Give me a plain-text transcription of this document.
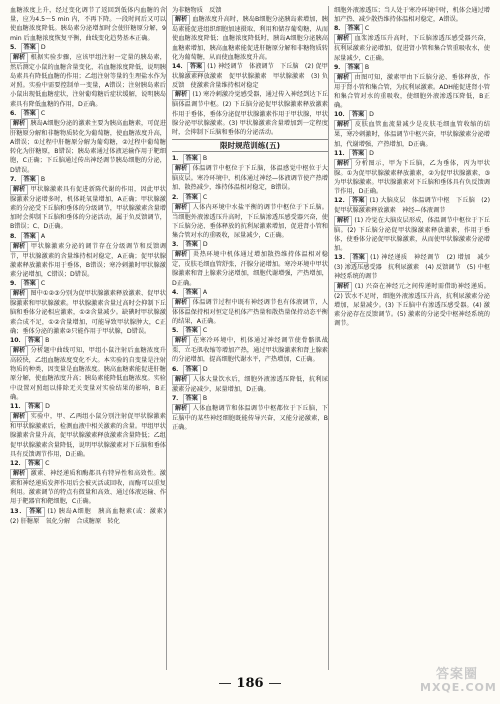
血糖浓度上升，经过变化调节了返回到低体内血糖的含量，应为4.5～5 min 内，不再下降。一段时间后又可以使血糖浓度降低。胰岛素分泌增加时会使肝糖原分解，9 min 后血糖浓度恢复平衡，曲线变化趋势基本正确。

5． 答案 D

解析 根据实验步骤，应该甲组注射一定量的胰岛素，然后测定小鼠的血糖含量变化，若血糖浓度降低，说明胰岛素具有降低血糖的作用；乙组注射等量的生理盐水作为对照。实验中需要控制单一变量，A错误；注射胰岛素后小鼠出现低血糖症状，注射葡萄糖后症状缓解，说明胰岛素具有降低血糖的作用，D正确。

6． 答案 C

解析 胰岛A细胞分泌的激素主要为胰高血糖素，可促进肝糖原分解和非糖物质转化为葡萄糖，使血糖浓度升高，A错误；①过程中肝糖原分解为葡萄糖，②过程中葡萄糖转化为肝糖原，B错误；胰岛素通过体液运输作用于靶细胞，C正确；下丘脑通过传出神经调节胰岛细胞的分泌，D错误。

7． 答案 B

解析 甲状腺激素具有促进新陈代谢的作用，因此甲状腺激素分泌增多时，机体耗氧量增加，A正确；甲状腺激素的分泌受下丘脑和垂体的分级调节，甲状腺激素含量增加时会抑制下丘脑和垂体的分泌活动，属于负反馈调节，B错误；C、D正确。

8． 答案 A

解析 甲状腺激素分泌的调节存在分级调节和反馈调节，甲状腺激素的含量维持相对稳定，A正确；促甲状腺激素释放激素作用于垂体，B错误；寒冷刺激时甲状腺激素分泌增加，C错误；D错误。

9． 答案 C

解析 图中①②③分别为促甲状腺激素释放激素、促甲状腺激素和甲状腺激素。甲状腺激素含量过高时会抑制下丘脑和垂体分泌相应激素，①②含量减少。缺碘时甲状腺激素合成不足，①②含量增加，可能导致甲状腺肿大，C正确；垂体分泌的激素②只能作用于甲状腺，D错误。

10． 答案 B

解析 分析题中曲线可知，甲组小鼠注射后血糖浓度升高较快，乙组血糖浓度变化不大。本实验的自变量是注射物质的种类，因变量是血糖浓度。胰高血糖素能促进肝糖原分解，使血糖浓度升高；胰岛素能降低血糖浓度。实验中设置对照组以排除无关变量对实验结果的影响，B正确。

11． 答案 D

解析 实验中，甲、乙两组小鼠分别注射促甲状腺激素和甲状腺激素后，检测血液中相关激素的含量。甲组甲状腺激素含量升高，促甲状腺激素释放激素含量降低；乙组促甲状腺激素含量降低，说明甲状腺激素对下丘脑和垂体具有反馈调节作用，D正确。

12． 答案 C

解析 激素、神经递质和酶都具有特异性和高效性。激素和神经递质发挥作用后会被灭活或回收，而酶可以重复利用。激素调节的特点有微量和高效、通过体液运输、作用于靶器官和靶细胞，C正确。

13． 答案 (1) 胰岛A细胞　胰高血糖素(或：激素)　(2) 肝糖原　氧化分解　合成糖原　转化

为非糖物质　反馈

解析 血糖浓度升高时，胰岛B细胞分泌胰岛素增加，胰岛素能促进组织细胞加速摄取、利用和储存葡萄糖，从而使血糖浓度降低；血糖浓度降低时，胰岛A细胞分泌胰高血糖素增加，胰高血糖素能促进肝糖原分解和非糖物质转化为葡萄糖，从而使血糖浓度升高。

14． 答案 (1) 神经调节　体液调节　下丘脑　(2) 促甲状腺激素释放激素　促甲状腺激素　甲状腺激素　(3) 负反馈　使激素含量维持相对稳定

解析 (1) 寒冷刺激冷觉感受器，通过传入神经到达下丘脑体温调节中枢。(2) 下丘脑分泌促甲状腺激素释放激素作用于垂体，垂体分泌促甲状腺激素作用于甲状腺，甲状腺分泌甲状腺激素。(3) 甲状腺激素含量增加到一定程度时，会抑制下丘脑和垂体的分泌活动。

限时规范训练(五)

1． 答案 B

解析 体温调节中枢位于下丘脑，体温感觉中枢位于大脑皮层。寒冷环境中，机体通过神经—体液调节使产热增加、散热减少，维持体温相对稳定，B错误。

2． 答案 C

解析 人体内环境中水盐平衡的调节中枢位于下丘脑。当细胞外液渗透压升高时，下丘脑渗透压感受器兴奋，使下丘脑分泌、垂体释放的抗利尿激素增加，促进肾小管和集合管对水的重吸收，尿量减少，C正确。

3． 答案 D

解析 炎热环境中机体通过增加散热维持体温相对稳定，皮肤毛细血管舒张，汗腺分泌增加。寒冷环境中甲状腺激素和肾上腺素分泌增加，细胞代谢增强，产热增加，D正确。

4． 答案 A

解析 体温调节过程中既有神经调节也有体液调节，人体体温保持相对恒定是机体产热量和散热量保持动态平衡的结果，A正确。

5． 答案 C

解析 在寒冷环境中，机体通过神经调节使骨骼肌战栗、立毛肌收缩等增加产热，通过甲状腺激素和肾上腺素的分泌增加，提高细胞代谢水平，产热增加，C正确。

6． 答案 D

解析 人体大量饮水后，细胞外液渗透压降低，抗利尿激素分泌减少，尿量增加，D正确。

7． 答案 B

解析 人体血糖调节和体温调节中枢都位于下丘脑，下丘脑中的某些神经细胞既能传导兴奋，又能分泌激素，B正确。

细胞外液渗透压；当人处于寒冷环境中时，机体会通过增加产热、减少散热维持体温相对稳定，A错误。

8． 答案 C

解析 血浆渗透压升高时，下丘脑渗透压感受器兴奋，抗利尿激素分泌增加，促进肾小管和集合管重吸收水，使尿量减少，C正确。

9． 答案 B

解析 由图可知，激素甲由下丘脑分泌、垂体释放，作用于肾小管和集合管，为抗利尿激素。ADH能促进肾小管和集合管对水的重吸收，使细胞外液渗透压降低，B正确。

10． 答案 D

解析 皮肤血管血流量减少是皮肤毛细血管收缩的结果，寒冷刺激时，体温调节中枢兴奋，甲状腺激素分泌增加，代谢增强，产热增加，D正确。

11． 答案 D

解析 分析图示，甲为下丘脑，乙为垂体，丙为甲状腺。①为促甲状腺激素释放激素，②为促甲状腺激素，③为甲状腺激素。甲状腺激素对下丘脑和垂体具有负反馈调节作用，D正确。

12． 答案 (1) 大脑皮层　体温调节中枢　下丘脑　(2) 促甲状腺激素释放激素　神经—体液调节

解析 (1) 冷觉在大脑皮层形成，体温调节中枢位于下丘脑。(2) 下丘脑分泌促甲状腺激素释放激素，作用于垂体，使垂体分泌促甲状腺激素，从而使甲状腺激素分泌增加。

13． 答案 (1) 神经递质　神经调节　(2) 增加　减少　(3) 渗透压感受器　抗利尿激素　(4) 反馈调节　(5) 中枢神经系统的调节

解析 (1) 兴奋在神经元之间传递时需借助神经递质。(2) 饮水不足时，细胞外液渗透压升高，抗利尿激素分泌增加，尿量减少。(3) 下丘脑中有渗透压感受器。(4) 激素分泌存在反馈调节。(5) 激素的分泌受中枢神经系统的调节。

186
答案圈
MXQE.COM
